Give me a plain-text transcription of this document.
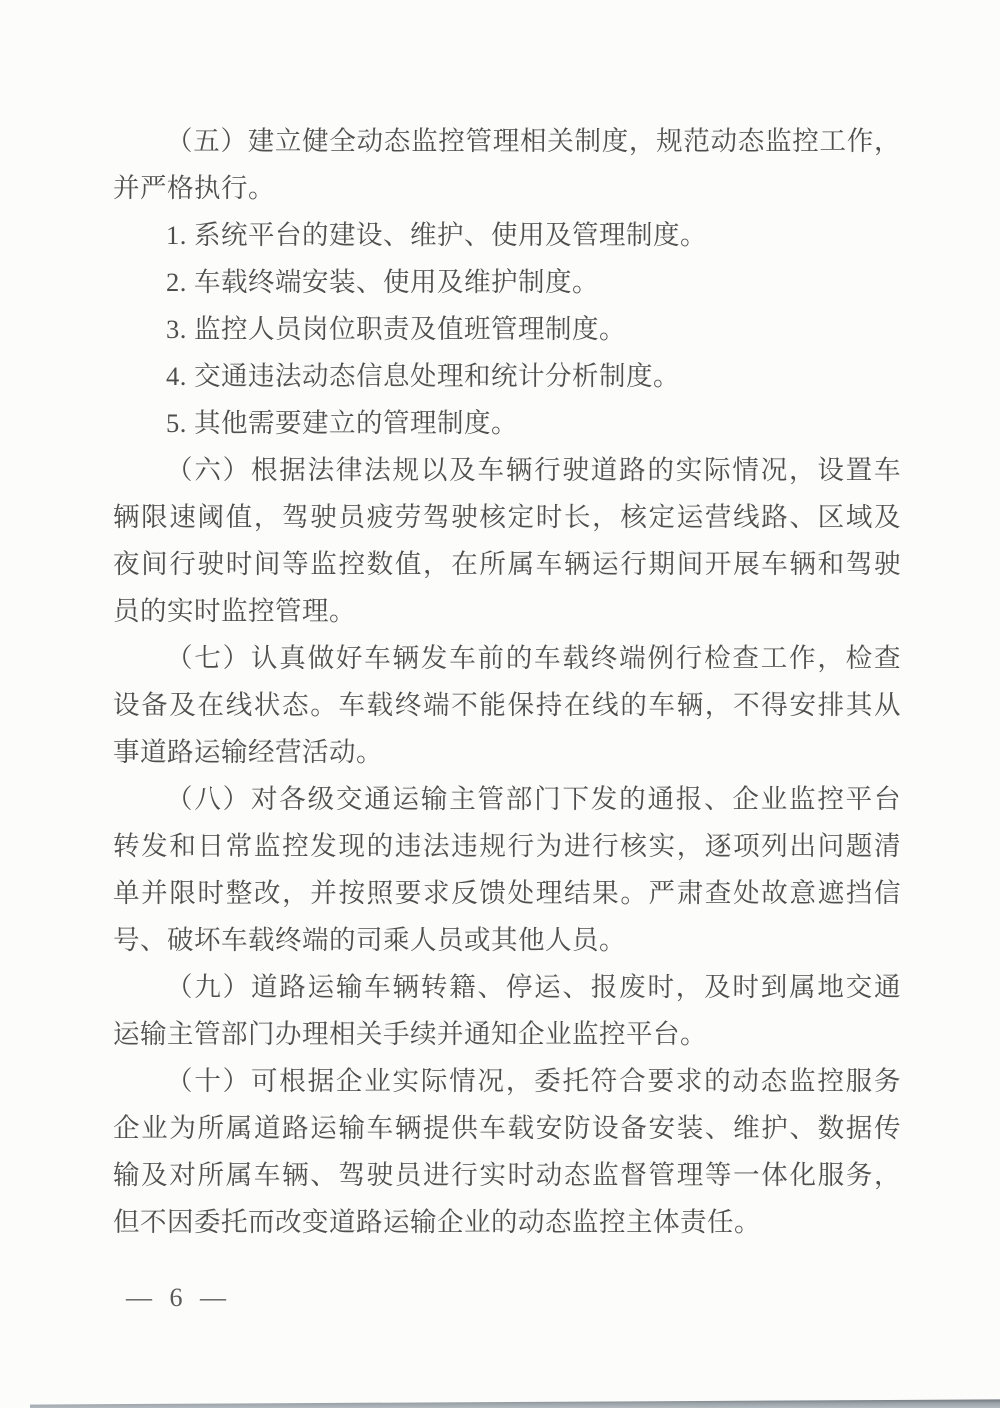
（五）建立健全动态监控管理相关制度，规范动态监控工作，
并严格执行。
1. 系统平台的建设、维护、使用及管理制度。
2. 车载终端安装、使用及维护制度。
3. 监控人员岗位职责及值班管理制度。
4. 交通违法动态信息处理和统计分析制度。
5. 其他需要建立的管理制度。
（六）根据法律法规以及车辆行驶道路的实际情况，设置车
辆限速阈值，驾驶员疲劳驾驶核定时长，核定运营线路、区域及
夜间行驶时间等监控数值，在所属车辆运行期间开展车辆和驾驶
员的实时监控管理。
（七）认真做好车辆发车前的车载终端例行检查工作，检查
设备及在线状态。车载终端不能保持在线的车辆，不得安排其从
事道路运输经营活动。
（八）对各级交通运输主管部门下发的通报、企业监控平台
转发和日常监控发现的违法违规行为进行核实，逐项列出问题清
单并限时整改，并按照要求反馈处理结果。严肃查处故意遮挡信
号、破坏车载终端的司乘人员或其他人员。
（九）道路运输车辆转籍、停运、报废时，及时到属地交通
运输主管部门办理相关手续并通知企业监控平台。
（十）可根据企业实际情况，委托符合要求的动态监控服务
企业为所属道路运输车辆提供车载安防设备安装、维护、数据传
输及对所属车辆、驾驶员进行实时动态监督管理等一体化服务，
但不因委托而改变道路运输企业的动态监控主体责任。
— 6 —
